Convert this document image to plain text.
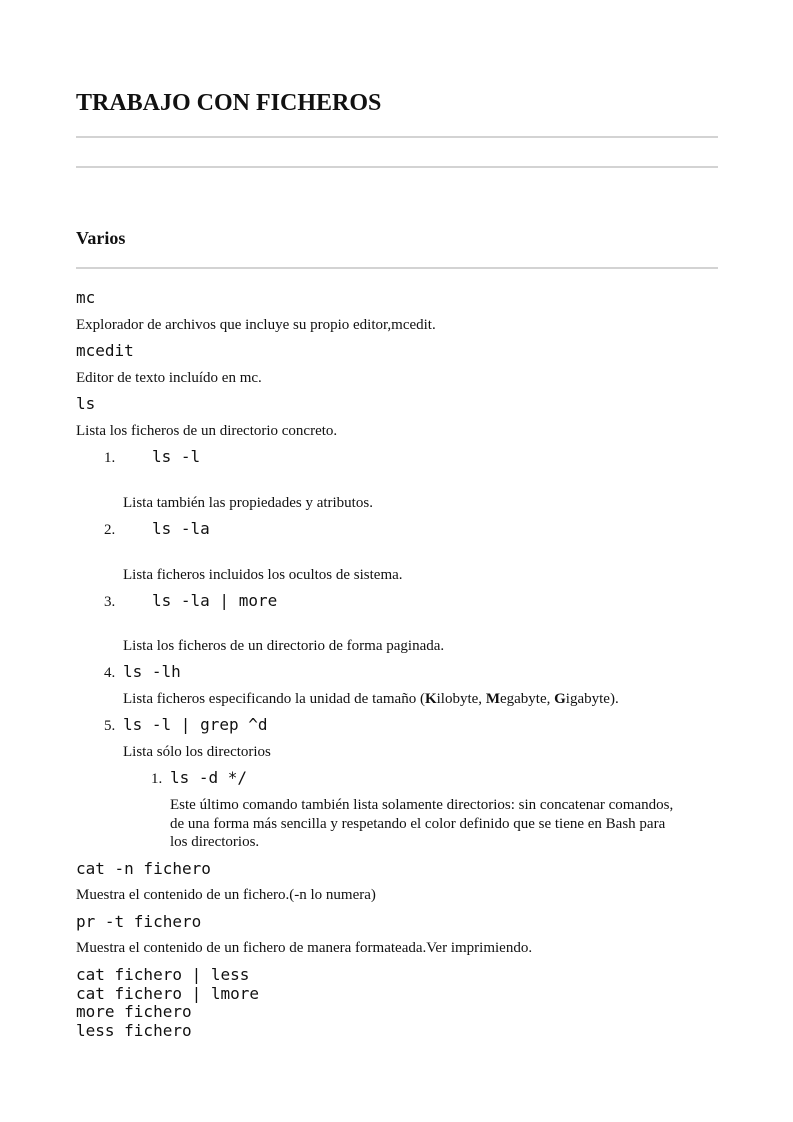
TRABAJO CON FICHEROS
Varios
mc
Explorador de archivos que incluye su propio editor,mcedit.
mcedit
Editor de texto incluído en mc.
ls
Lista los ficheros de un directorio concreto.
1. ls -l
Lista también las propiedades y atributos.
2. ls -la
Lista ficheros incluidos los ocultos de sistema.
3. ls -la | more
Lista los ficheros de un directorio de forma paginada.
4. ls -lh
Lista ficheros especificando la unidad de tamaño (Kilobyte, Megabyte, Gigabyte).
5. ls -l | grep ^d
Lista sólo los directorios
1. ls -d */
Este último comando también lista solamente directorios: sin concatenar comandos,
de una forma más sencilla y respetando el color definido que se tiene en Bash para
los directorios.
cat -n fichero
Muestra el contenido de un fichero.(-n lo numera)
pr -t fichero
Muestra el contenido de un fichero de manera formateada.Ver imprimiendo.
cat fichero | less
cat fichero | lmore
more fichero
less fichero
